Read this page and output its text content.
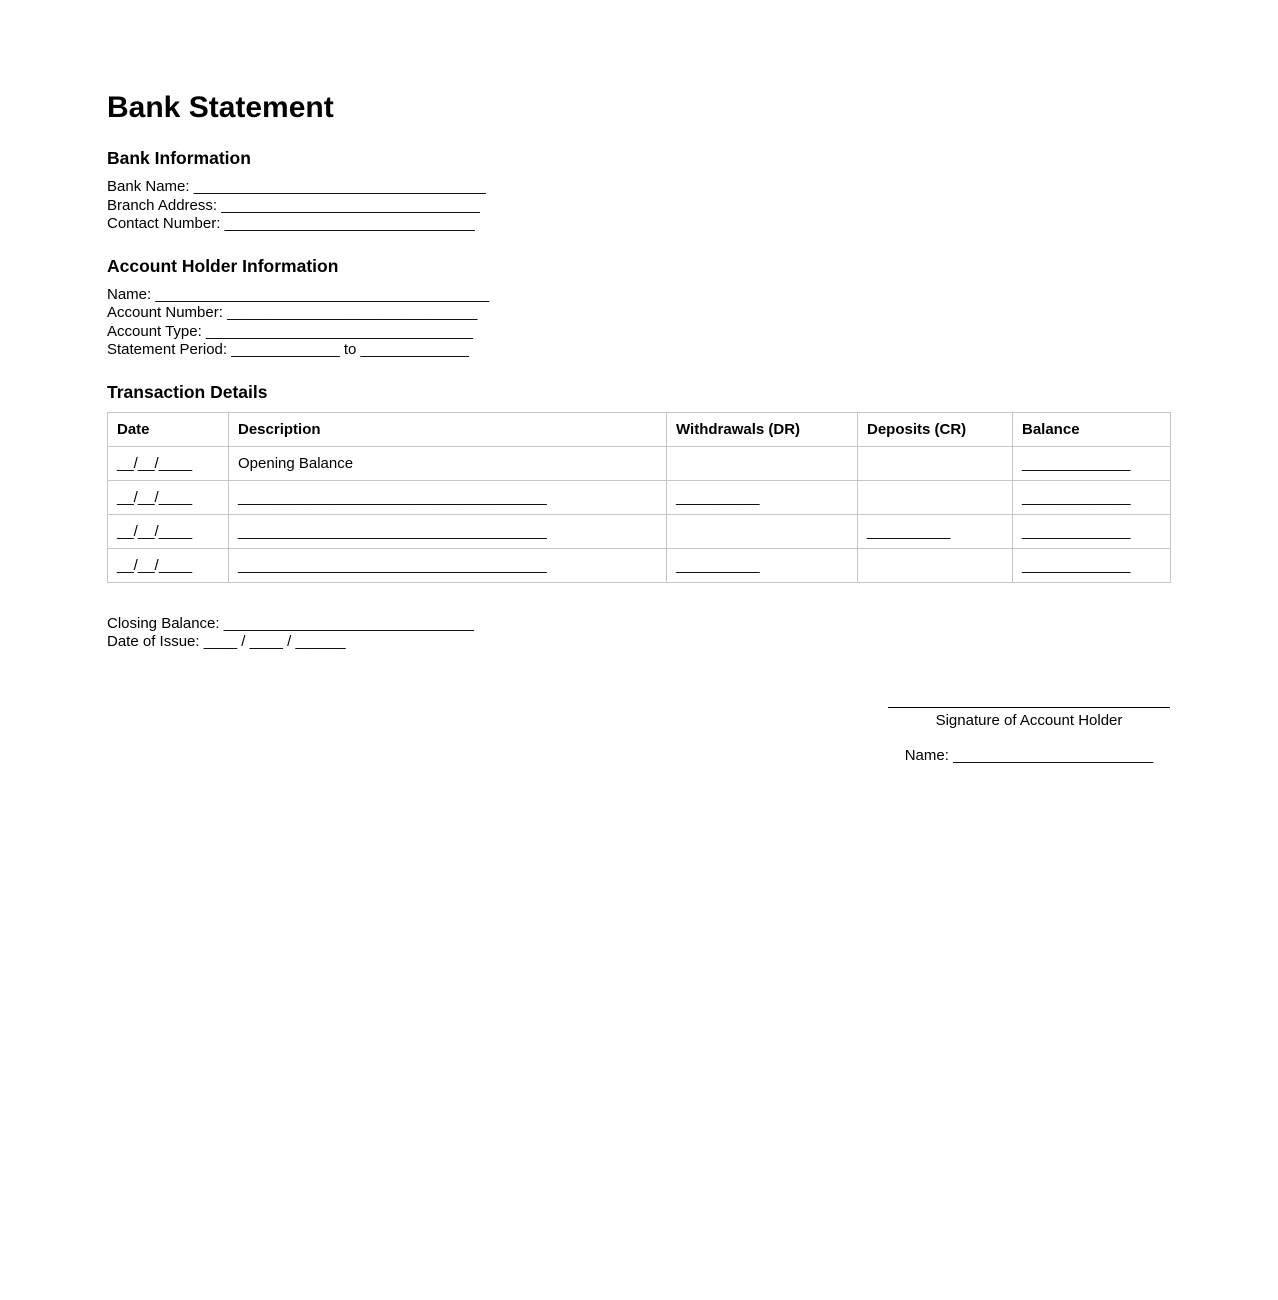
Bank Statement
Bank Information
Bank Name: ___________________________________
Branch Address: _______________________________
Contact Number: ______________________________
Account Holder Information
Name: ________________________________________
Account Number: ______________________________
Account Type: ________________________________
Statement Period: _____________ to _____________
Transaction Details
Date	Description	Withdrawals (DR)	Deposits (CR)	Balance
__/__/____	Opening Balance			_____________
__/__/____	_____________________________________	__________		_____________
__/__/____	_____________________________________		__________	_____________
__/__/____	_____________________________________	__________		_____________
Closing Balance: ______________________________
Date of Issue: ____ / ____ / ______
Signature of Account Holder
Name: ________________________
